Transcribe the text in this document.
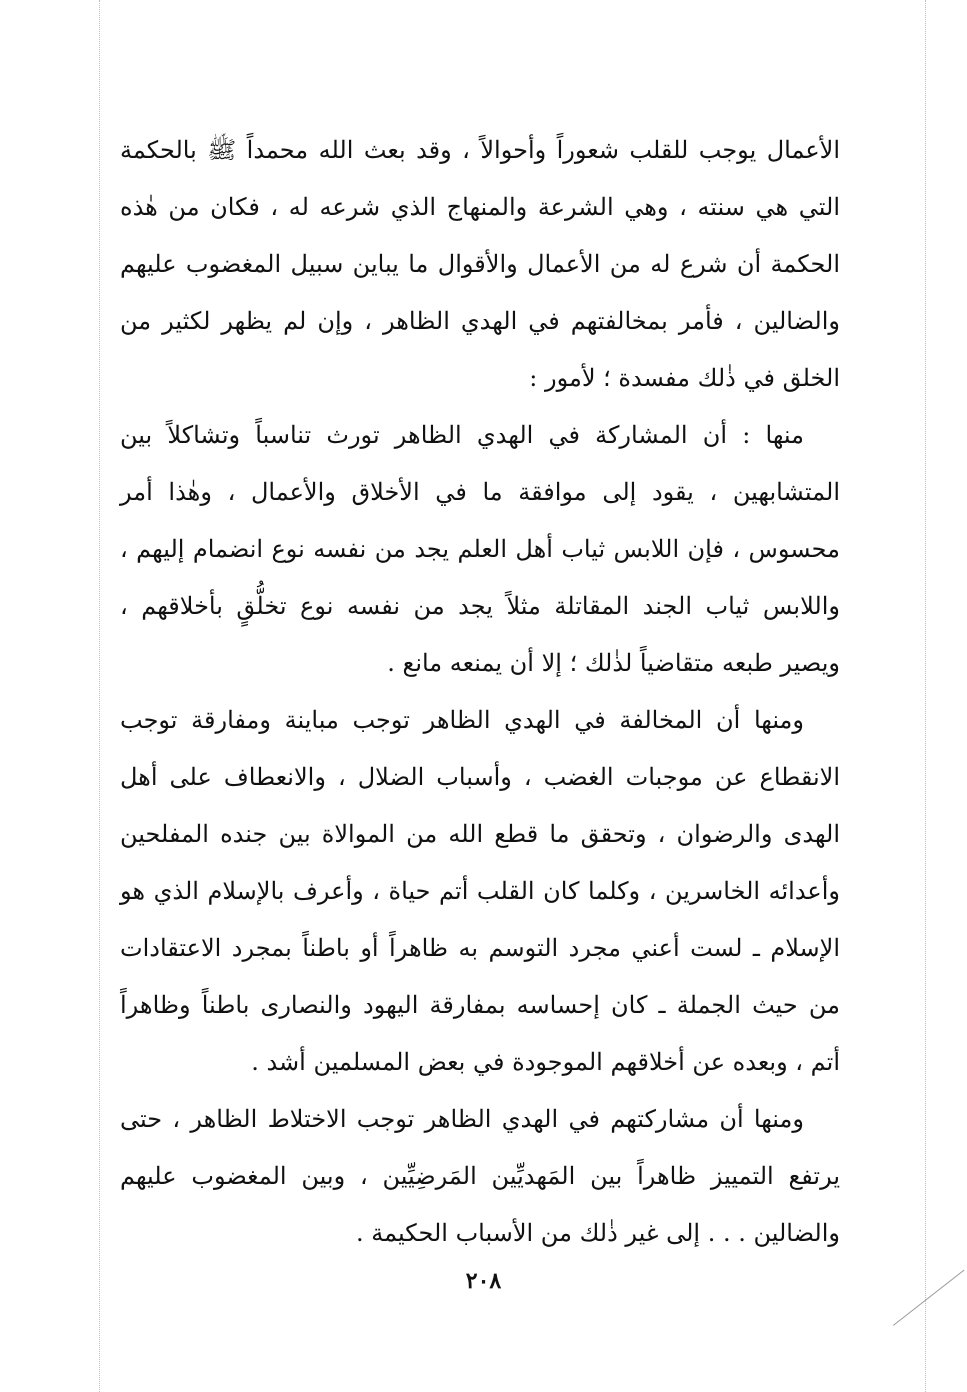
الأعمال يوجب للقلب شعوراً وأحوالاً ، وقد بعث الله محمداً ﷺ بالحكمة التي هي سنته ، وهي الشرعة والمنهاج الذي شرعه له ، فكان من هٰذه الحكمة أن شرع له من الأعمال والأقوال ما يباين سبيل المغضوب عليهم والضالين ، فأمر بمخالفتهم في الهدي الظاهر ، وإن لم يظهر لكثير من الخلق في ذٰلك مفسدة ؛ لأمور :

منها : أن المشاركة في الهدي الظاهر تورث تناسباً وتشاكلاً بين المتشابهين ، يقود إلى موافقة ما في الأخلاق والأعمال ، وهٰذا أمر محسوس ، فإن اللابس ثياب أهل العلم يجد من نفسه نوع انضمام إليهم ، واللابس ثياب الجند المقاتلة مثلاً يجد من نفسه نوع تخلُّقٍ بأخلاقهم ، ويصير طبعه متقاضياً لذٰلك ؛ إلا أن يمنعه مانع .

ومنها أن المخالفة في الهدي الظاهر توجب مباينة ومفارقة توجب الانقطاع عن موجبات الغضب ، وأسباب الضلال ، والانعطاف على أهل الهدى والرضوان ، وتحقق ما قطع الله من الموالاة بين جنده المفلحين وأعدائه الخاسرين ، وكلما كان القلب أتم حياة ، وأعرف بالإسلام الذي هو الإسلام ـ لست أعني مجرد التوسم به ظاهراً أو باطناً بمجرد الاعتقادات من حيث الجملة ـ كان إحساسه بمفارقة اليهود والنصارى باطناً وظاهراً أتم ، وبعده عن أخلاقهم الموجودة في بعض المسلمين أشد .

ومنها أن مشاركتهم في الهدي الظاهر توجب الاختلاط الظاهر ، حتى يرتفع التمييز ظاهراً بين المَهديِّين المَرضِيِّين ، وبين المغضوب عليهم والضالين . . . إلى غير ذٰلك من الأسباب الحكيمة .

٢٠٨
